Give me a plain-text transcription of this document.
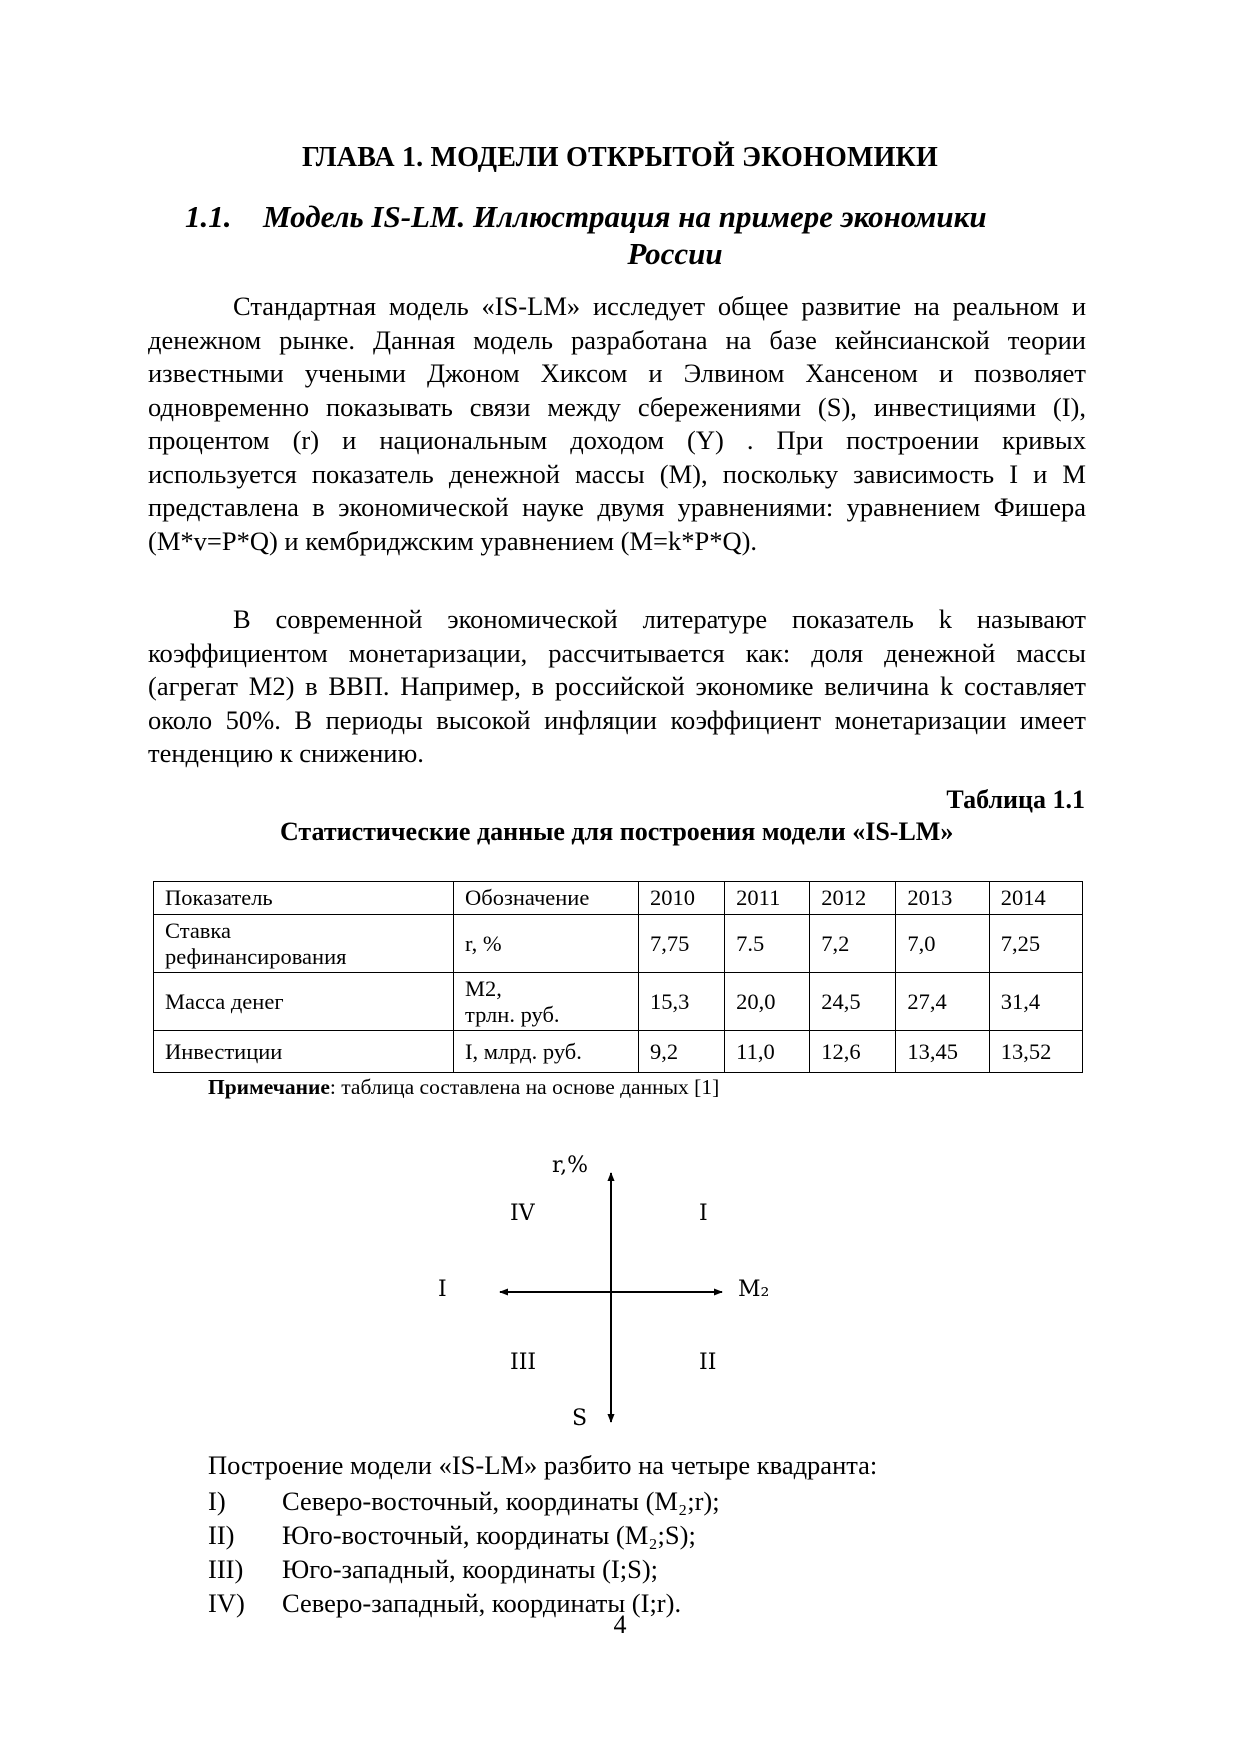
ГЛАВА 1. МОДЕЛИ ОТКРЫТОЙ ЭКОНОМИКИ
1.1. Модель IS-LM. Иллюстрация на примере экономики
России

Стандартная модель «IS-LM» исследует общее развитие на реальном и денежном рынке. Данная модель разработана на базе кейнсианской теории известными учеными Джоном Хиксом и Элвином Хансеном и позволяет одновременно показывать связи между сбережениями (S), инвестициями (I), процентом (r) и национальным доходом (Y) . При построении кривых используется показатель денежной массы (M), поскольку зависимость I и M представлена в экономической науке двумя уравнениями: уравнением Фишера (M*v=P*Q) и кембриджским уравнением (M=k*P*Q).

В современной экономической литературе показатель k называют коэффициентом монетаризации, рассчитывается как: доля денежной массы (агрегат М2) в ВВП. Например, в российской экономике величина k составляет около 50%. В периоды высокой инфляции коэффициент монетаризации имеет тенденцию к снижению.

Таблица 1.1
Статистические данные для построения модели «IS-LM»
Показатель	Обозначение	2010	2011	2012	2013	2014

Ставка
рефинансирования	r, %	7,75	7.5	7,2	7,0	7,25
Масса денег	М2,
трлн. руб.	15,3	20,0	24,5	27,4	31,4
Инвестиции	I, млрд. руб.	9,2	11,0	12,6	13,45	13,52
Примечание: таблица составлена на основе данных [1]
r,%
IV	I
I	M₂
III	II
S
Построение модели «IS-LM» разбито на четыре квадранта:
I)	Северо-восточный, координаты (М₂;r);
II)	Юго-восточный, координаты (М₂;S);
III)	Юго-западный, координаты (I;S);
IV)	Северо-западный, координаты (I;r).
4
